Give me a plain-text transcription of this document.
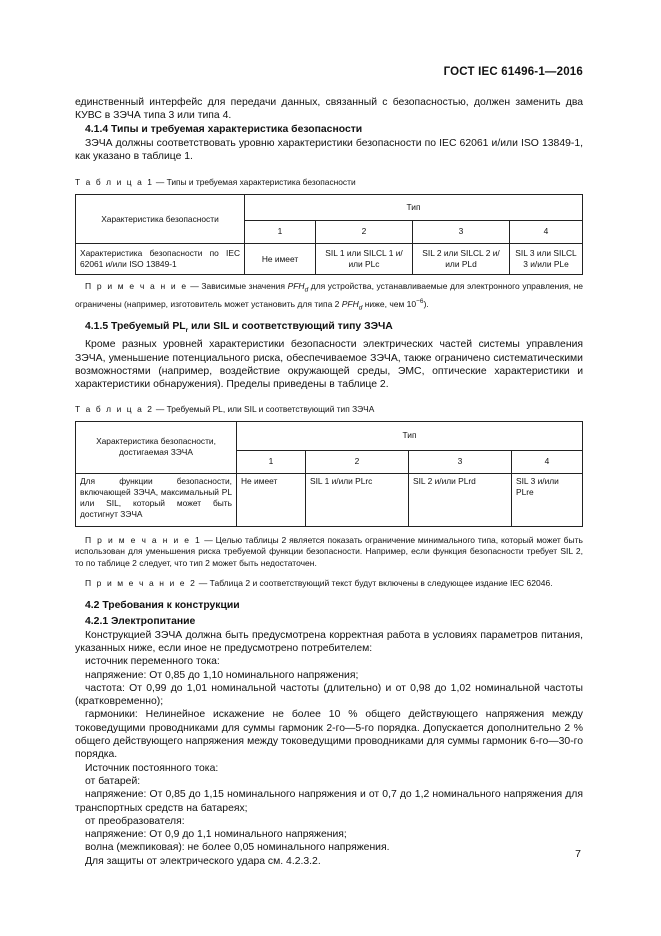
ГОСТ IEC 61496-1—2016

единственный интерфейс для передачи данных, связанный с безопасностью, должен заменить два КУВС в ЗЭЧА типа 3 или типа 4.

4.1.4 Типы и требуемая характеристика безопасности

ЗЭЧА должны соответствовать уровню характеристики безопасности по IEC 62061 и/или ISO 13849-1, как указано в таблице 1.

Т а б л и ц а 1 — Типы и требуемая характеристика безопасности
Характеристика безопасности	Тип			
	1	2	3	4
Характеристика безопасности по IEC 62061 и/или ISO 13849-1	Не имеет	SIL 1 или SILCL 1 и/или PLc	SIL 2 или SILCL 2 и/или PLd	SIL 3 или SILCL 3 и/или PLe

П р и м е ч а н и е — Зависимые значения $PFH_d$ для устройства, устанавливаемые для электронного управления, не ограничены (например, изготовитель может установить для типа 2 $PFH_d$ ниже, чем $10^{-6}$).

4.1.5 Требуемый $PL_r$ или SIL и соответствующий типу ЗЭЧА

Кроме разных уровней характеристики безопасности электрических частей системы управления ЗЭЧА, уменьшение потенциального риска, обеспечиваемое ЗЭЧА, также ограничено систематическими возможностями (например, воздействие окружающей среды, ЭМС, оптические характеристики и характеристики обнаружения). Пределы приведены в таблице 2.

Т а б л и ц а 2 — Требуемый PL, или SIL и соответствующий тип ЗЭЧА
Характеристика безопасности, достигаемая ЗЭЧА	Тип			
	1	2	3	4
Для функции безопасности, включающей ЗЭЧА, максимальный PL или SIL, который может быть достигнут ЗЭЧА	Не имеет	SIL 1 и/или PLrc	SIL 2 и/или PLrd	SIL 3 и/или PLre

П р и м е ч а н и е 1 — Целью таблицы 2 является показать ограничение минимального типа, который может быть использован для уменьшения риска требуемой функции безопасности. Например, если функция безопасности требует SIL 2, то по таблице 2 следует, что тип 2 может быть недостаточен.

П р и м е ч а н и е 2 — Таблица 2 и соответствующий текст будут включены в следующее издание IEC 62046.

4.2 Требования к конструкции

4.2.1 Электропитание

Конструкцией ЗЭЧА должна быть предусмотрена корректная работа в условиях параметров питания, указанных ниже, если иное не предусмотрено потребителем:

источник переменного тока:

напряжение: От 0,85 до 1,10 номинального напряжения;

частота: От 0,99 до 1,01 номинальной частоты (длительно) и от 0,98 до 1,02 номинальной частоты (кратковременно);

гармоники: Нелинейное искажение не более 10 % общего действующего напряжения между токоведущими проводниками для суммы гармоник 2-го—5-го порядка. Допускается дополнительно 2 % общего действующего напряжения между токоведущими проводниками для суммы гармоник 6-го—30-го порядка.

Источник постоянного тока:

от батарей:

напряжение: От 0,85 до 1,15 номинального напряжения и от 0,7 до 1,2 номинального напряжения для транспортных средств на батареях;

от преобразователя:

напряжение: От 0,9 до 1,1 номинального напряжения;

волна (межпиковая): не более 0,05 номинального напряжения.

Для защиты от электрического удара см. 4.2.3.2.

7
